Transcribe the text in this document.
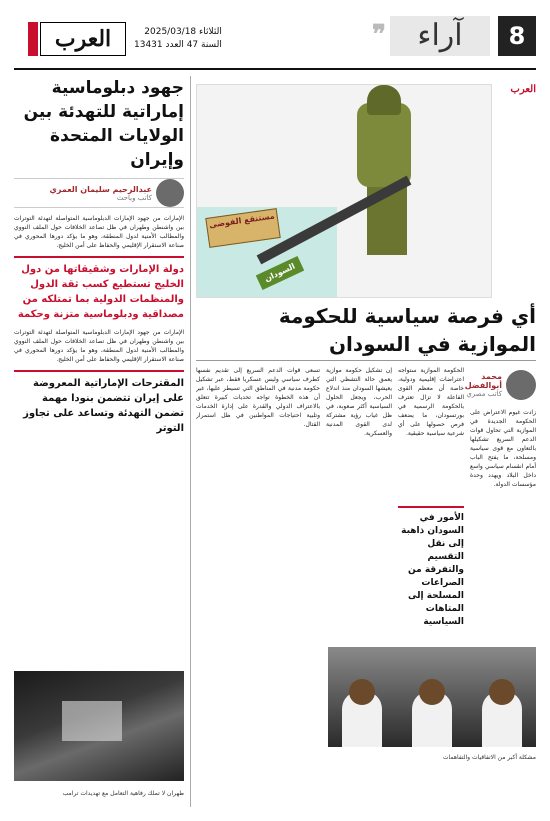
8
آراء
❞
العرب	الثلاثاء 2025/03/18
السنة 47 العدد 13431
جهود دبلوماسية إماراتية للتهدئة بين الولايات المتحدة وإيران
عبدالرحيم سليمان العمري
كاتب وباحث
الإمارات من جهود الإمارات الدبلوماسية المتواصلة لتهدئة التوترات بين واشنطن وطهران في ظل تصاعد الخلافات حول الملف النووي والمطالب الأمنية لدول المنطقة، وهو ما يؤكد دورها المحوري في صناعة الاستقرار الإقليمي والحفاظ على أمن الخليج.
دولة الإمارات وشقيقاتها من دول الخليج تستطيع كسب ثقة الدول والمنظمات الدولية بما تمتلكه من مصداقية ودبلوماسية متزنة وحكمة
الإمارات من جهود الإمارات الدبلوماسية المتواصلة لتهدئة التوترات بين واشنطن وطهران في ظل تصاعد الخلافات حول الملف النووي والمطالب الأمنية لدول المنطقة، وهو ما يؤكد دورها المحوري في صناعة الاستقرار الإقليمي والحفاظ على أمن الخليج.
المقترحات الإماراتية المعروضة على إيران تتضمن بنودا مهمة تضمن التهدئة وتساعد على تجاوز التوتر
طهران لا تملك رفاهية التعامل مع تهديدات ترامب
مستنقع الفوضى
السودان
العرب
أي فرصة سياسية للحكومة الموازية في السودان
محمد أبوالفضل
كاتب مصري
زادت غيوم الاعتراض على الحكومة الجديدة في الموازية التي تحاول قوات الدعم السريع تشكيلها بالتعاون مع قوى سياسية ومسلحة، ما يفتح الباب أمام انقسام سياسي واسع داخل البلاد ويهدد وحدة مؤسسات الدولة.
الحكومة الموازية ستواجه اعتراضات إقليمية ودولية، خاصة أن معظم القوى الفاعلة لا تزال تعترف بالحكومة الرسمية في بورتسودان، ما يضعف فرص حصولها على أي شرعية سياسية حقيقية.
إن تشكيل حكومة موازية يعمق حالة التشظي التي يعيشها السودان منذ اندلاع الحرب، ويجعل الحلول السياسية أكثر صعوبة، في ظل غياب رؤية مشتركة لدى القوى المدنية والعسكرية.
تسعى قوات الدعم السريع إلى تقديم نفسها كطرف سياسي وليس عسكريا فقط، عبر تشكيل حكومة مدنية في المناطق التي تسيطر عليها، غير أن هذه الخطوة تواجه تحديات كبيرة تتعلق بالاعتراف الدولي والقدرة على إدارة الخدمات وتلبية احتياجات المواطنين في ظل استمرار القتال.
الأمور في السودان ذاهبة إلى نقل التقسيم والتفرقة من الصراعات المسلحة إلى المتاهات السياسية
مشكلة أكبر من الاتفاقيات والتفاهمات
